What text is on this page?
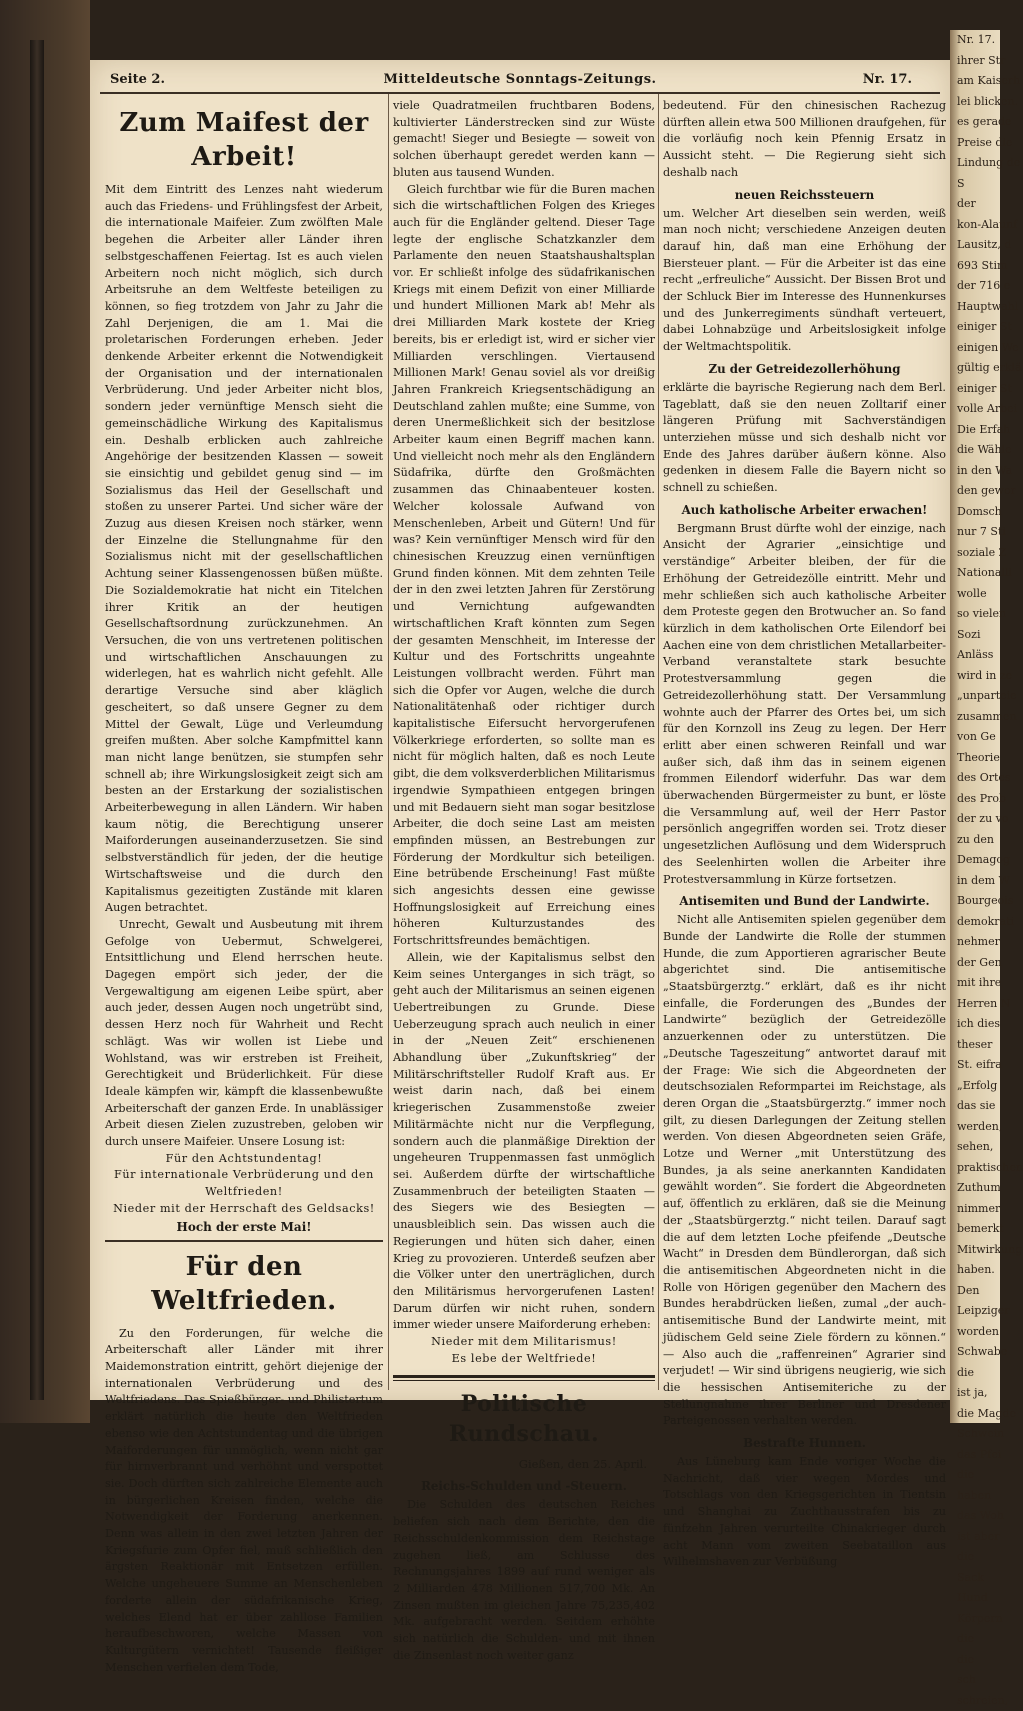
Seite 2.	Mitteldeutsche Sonntags-Zeitungs.	Nr. 17.
Zum Maifest der Arbeit!

Mit dem Eintritt des Lenzes naht wiederum auch das Friedens- und Frühlingsfest der Arbeit, die internationale Maifeier. Zum zwölften Male begehen die Arbeiter aller Länder ihren selbstgeschaffenen Feiertag. Ist es auch vielen Arbeitern noch nicht möglich, sich durch Arbeitsruhe an dem Weltfeste beteiligen zu können, so fieg trotzdem von Jahr zu Jahr die Zahl Derjenigen, die am 1. Mai die proletarischen Forderungen erheben. Jeder denkende Arbeiter erkennt die Notwendigkeit der Organisation und der internationalen Verbrüderung. Und jeder Arbeiter nicht blos, sondern jeder vernünftige Mensch sieht die gemeinschädliche Wirkung des Kapitalismus ein. Deshalb erblicken auch zahlreiche Angehörige der besitzenden Klassen — soweit sie einsichtig und gebildet genug sind — im Sozialismus das Heil der Gesellschaft und stoßen zu unserer Partei. Und sicher wäre der Zuzug aus diesen Kreisen noch stärker, wenn der Einzelne die Stellungnahme für den Sozialismus nicht mit der gesellschaftlichen Achtung seiner Klassengenossen büßen müßte. Die Sozialdemokratie hat nicht ein Titelchen ihrer Kritik an der heutigen Gesellschaftsordnung zurückzunehmen. An Versuchen, die von uns vertretenen politischen und wirtschaftlichen Anschauungen zu widerlegen, hat es wahrlich nicht gefehlt. Alle derartige Versuche sind aber kläglich gescheitert, so daß unsere Gegner zu dem Mittel der Gewalt, Lüge und Verleumdung greifen mußten. Aber solche Kampfmittel kann man nicht lange benützen, sie stumpfen sehr schnell ab; ihre Wirkungslosigkeit zeigt sich am besten an der Erstarkung der sozialistischen Arbeiterbewegung in allen Ländern. Wir haben kaum nötig, die Berechtigung unserer Maiforderungen auseinanderzusetzen. Sie sind selbstverständlich für jeden, der die heutige Wirtschaftsweise und die durch den Kapitalismus gezeitigten Zustände mit klaren Augen betrachtet.

Unrecht, Gewalt und Ausbeutung mit ihrem Gefolge von Uebermut, Schwelgerei, Entsittlichung und Elend herrschen heute. Dagegen empört sich jeder, der die Vergewaltigung am eigenen Leibe spürt, aber auch jeder, dessen Augen noch ungetrübt sind, dessen Herz noch für Wahrheit und Recht schlägt. Was wir wollen ist Liebe und Wohlstand, was wir erstreben ist Freiheit, Gerechtigkeit und Brüderlichkeit. Für diese Ideale kämpfen wir, kämpft die klassenbewußte Arbeiterschaft der ganzen Erde. In unablässiger Arbeit diesen Zielen zuzustreben, geloben wir durch unsere Maifeier. Unsere Losung ist:

Für den Achtstundentag!

Für internationale Verbrüderung und den Weltfrieden!

Nieder mit der Herrschaft des Geldsacks!

Hoch der erste Mai!
Für den Weltfrieden.

Zu den Forderungen, für welche die Arbeiterschaft aller Länder mit ihrer Maidemonstration eintritt, gehört diejenige der internationalen Verbrüderung und des Weltfriedens. Das Spießbürger- und Philistertum erklärt natürlich die heute den Weltfrieden ebenso wie den Achtstundentag und die übrigen Maiforderungen für unmöglich, wenn nicht gar für hirnverbrannt und verhöhnt und verspottet sie. Doch dürften sich zahlreiche Elemente auch in bürgerlichen Kreisen finden, welche die Notwendigkeit der Forderung anerkennen. Denn was allein in den zwei letzten Jahren der Kriegsfurie zum Opfer fiel, muß schließlich den ärgsten Reaktionär mit Entsetzen erfüllen. Welche ungeheuere Summe an Menschenleben forderte allein der südafrikanische Krieg, welches Elend hat er über zahllose Familien heraufbeschworen, welche Massen von Kulturgütern vernichtet! Tausende fleißiger Menschen verfielen dem Tode,

viele Quadratmeilen fruchtbaren Bodens, kultivierter Länderstrecken sind zur Wüste gemacht! Sieger und Besiegte — soweit von solchen überhaupt geredet werden kann — bluten aus tausend Wunden.

Gleich furchtbar wie für die Buren machen sich die wirtschaftlichen Folgen des Krieges auch für die Engländer geltend. Dieser Tage legte der englische Schatzkanzler dem Parlamente den neuen Staatshaushaltsplan vor. Er schließt infolge des südafrikanischen Kriegs mit einem Defizit von einer Milliarde und hundert Millionen Mark ab! Mehr als drei Milliarden Mark kostete der Krieg bereits, bis er erledigt ist, wird er sicher vier Milliarden verschlingen. Viertausend Millionen Mark! Genau soviel als vor dreißig Jahren Frankreich Kriegsentschädigung an Deutschland zahlen mußte; eine Summe, von deren Unermeßlichkeit sich der besitzlose Arbeiter kaum einen Begriff machen kann. Und vielleicht noch mehr als den Engländern Südafrika, dürfte den Großmächten zusammen das Chinaabenteuer kosten. Welcher kolossale Aufwand von Menschenleben, Arbeit und Gütern! Und für was? Kein vernünftiger Mensch wird für den chinesischen Kreuzzug einen vernünftigen Grund finden können. Mit dem zehnten Teile der in den zwei letzten Jahren für Zerstörung und Vernichtung aufgewandten wirtschaftlichen Kraft könnten zum Segen der gesamten Menschheit, im Interesse der Kultur und des Fortschritts ungeahnte Leistungen vollbracht werden. Führt man sich die Opfer vor Augen, welche die durch Nationalitätenhaß oder richtiger durch kapitalistische Eifersucht hervorgerufenen Völkerkriege erforderten, so sollte man es nicht für möglich halten, daß es noch Leute gibt, die dem volksverderblichen Militarismus irgendwie Sympathieen entgegen bringen und mit Bedauern sieht man sogar besitzlose Arbeiter, die doch seine Last am meisten empfinden müssen, an Bestrebungen zur Förderung der Mordkultur sich beteiligen. Eine betrübende Erscheinung! Fast müßte sich angesichts dessen eine gewisse Hoffnungslosigkeit auf Erreichung eines höheren Kulturzustandes des Fortschrittsfreundes bemächtigen.

Allein, wie der Kapitalismus selbst den Keim seines Unterganges in sich trägt, so geht auch der Militarismus an seinen eigenen Uebertreibungen zu Grunde. Diese Ueberzeugung sprach auch neulich in einer in der „Neuen Zeit“ erschienenen Abhandlung über „Zukunftskrieg“ der Militärschriftsteller Rudolf Kraft aus. Er weist darin nach, daß bei einem kriegerischen Zusammenstoße zweier Militärmächte nicht nur die Verpflegung, sondern auch die planmäßige Direktion der ungeheuren Truppenmassen fast unmöglich sei. Außerdem dürfte der wirtschaftliche Zusammenbruch der beteiligten Staaten — des Siegers wie des Besiegten — unausbleiblich sein. Das wissen auch die Regierungen und hüten sich daher, einen Krieg zu provozieren. Unterdeß seufzen aber die Völker unter den unerträglichen, durch den Militärismus hervorgerufenen Lasten! Darum dürfen wir nicht ruhen, sondern immer wieder unsere Maiforderung erheben:

Nieder mit dem Militarismus!

Es lebe der Weltfriede!

Politische Rundschau.

Gießen, den 25. April.

Reichs-Schulden und -Steuern.

Die Schulden des deutschen Reiches beliefen sich nach dem Berichte, den die Reichsschuldenkommission dem Reichstage zugehen ließ, am Schlusse des Rechnungsjahres 1899 auf rund weniger als 2 Milliarden 478 Millionen 517,700 Mk. An Zinsen mußten im gleichen Jahre 75,235,402 Mk. aufgebracht werden. Seitdem erhöhte sich natürlich die Schulden- und mit ihnen die Zinsenlast noch weiter ganz

bedeutend. Für den chinesischen Rachezug dürften allein etwa 500 Millionen draufgehen, für die vorläufig noch kein Pfennig Ersatz in Aussicht steht. — Die Regierung sieht sich deshalb nach

neuen Reichssteuern

um. Welcher Art dieselben sein werden, weiß man noch nicht; verschiedene Anzeigen deuten darauf hin, daß man eine Erhöhung der Biersteuer plant. — Für die Arbeiter ist das eine recht „erfreuliche“ Aussicht. Der Bissen Brot und der Schluck Bier im Interesse des Hunnenkurses und des Junkerregiments sündhaft verteuert, dabei Lohnabzüge und Arbeitslosigkeit infolge der Weltmachtspolitik.

Zu der Getreidezollerhöhung

erklärte die bayrische Regierung nach dem Berl. Tageblatt, daß sie den neuen Zolltarif einer längeren Prüfung mit Sachverständigen unterziehen müsse und sich deshalb nicht vor Ende des Jahres darüber äußern könne. Also gedenken in diesem Falle die Bayern nicht so schnell zu schießen.

Auch katholische Arbeiter erwachen!

Bergmann Brust dürfte wohl der einzige, nach Ansicht der Agrarier „einsichtige und verständige“ Arbeiter bleiben, der für die Erhöhung der Getreidezölle eintritt. Mehr und mehr schließen sich auch katholische Arbeiter dem Proteste gegen den Brotwucher an. So fand kürzlich in dem katholischen Orte Eilendorf bei Aachen eine von dem christlichen Metallarbeiter-Verband veranstaltete stark besuchte Protestversammlung gegen die Getreidezollerhöhung statt. Der Versammlung wohnte auch der Pfarrer des Ortes bei, um sich für den Kornzoll ins Zeug zu legen. Der Herr erlitt aber einen schweren Reinfall und war außer sich, daß ihm das in seinem eigenen frommen Eilendorf widerfuhr. Das war dem überwachenden Bürgermeister zu bunt, er löste die Versammlung auf, weil der Herr Pastor persönlich angegriffen worden sei. Trotz dieser ungesetzlichen Auflösung und dem Widerspruch des Seelenhirten wollen die Arbeiter ihre Protestversammlung in Kürze fortsetzen.

Antisemiten und Bund der Landwirte.

Nicht alle Antisemiten spielen gegenüber dem Bunde der Landwirte die Rolle der stummen Hunde, die zum Apportieren agrarischer Beute abgerichtet sind. Die antisemitische „Staatsbürgerztg.“ erklärt, daß es ihr nicht einfalle, die Forderungen des „Bundes der Landwirte“ bezüglich der Getreidezölle anzuerkennen oder zu unterstützen. Die „Deutsche Tageszeitung“ antwortet darauf mit der Frage: Wie sich die Abgeordneten der deutschsozialen Reformpartei im Reichstage, als deren Organ die „Staatsbürgerztg.“ immer noch gilt, zu diesen Darlegungen der Zeitung stellen werden. Von diesen Abgeordneten seien Gräfe, Lotze und Werner „mit Unterstützung des Bundes, ja als seine anerkannten Kandidaten gewählt worden“. Sie fordert die Abgeordneten auf, öffentlich zu erklären, daß sie die Meinung der „Staatsbürgerztg.“ nicht teilen. Darauf sagt die auf dem letzten Loche pfeifende „Deutsche Wacht“ in Dresden dem Bündlerorgan, daß sich die antisemitischen Abgeordneten nicht in die Rolle von Hörigen gegenüber den Machern des Bundes herabdrücken ließen, zumal „der auch-antisemitische Bund der Landwirte meint, mit jüdischem Geld seine Ziele fördern zu können.“ — Also auch die „raffenreinen“ Agrarier sind verjudet! — Wir sind übrigens neugierig, wie sich die hessischen Antisemiteriche zu der Stellungnahme ihrer Berliner und Dresdener Parteigenossen verhalten werden.

Bestrafte Hunnen.

Aus Lüneburg kam Ende voriger Woche die Nachricht, daß vier wegen Mordes und Totschlags von den Kriegsgerichten in Tientsin und Shanghai zu Zuchthausstrafen bis zu fünfzehn Jahren verurteilte Chinakrieger durch acht Mann vom zweiten Seebataillon aus Wilhelmshaven zur Verbüßung

Nr. 17.
ihrer Str
am Kaiserh
lei blicken.
es gerade
Preise die
Lindung de
S
der
kon-Alaunf
Lausitz, d
693 Stim
der 716 e
Hauptwahl
einiger St
einigen We
gültig erklä
einiger St
volle Arbei
Die Erfah
die Wähle
in den Wa
den gewor
Domsch
nur 7 Sti
soziale Z
Nationalli
wolle
so vielen
Sozi
Anläss
wird in ze
„unparteie
zusammen
von Ge
Theorie
des Ortes
des Prob
der zu vo
zu den
Demagog
in dem W
Bourgeois
demokrati
nehmer
der Gen
mit ihre
Herren N
ich dies
theser
St. eifra
„Erfolg
das sie
werden,
sehen,
praktischen
Zuthum
nimmer
bemerkt
Mitwirkung
haben.
Den
Leipziger
worden
Schwabe
die
ist ja,
die Magde
Schwein
das Pfei
die
haben
das Woh
ist aber
die
Sack
Hund
Körpern
die
die
sch
schreien,
